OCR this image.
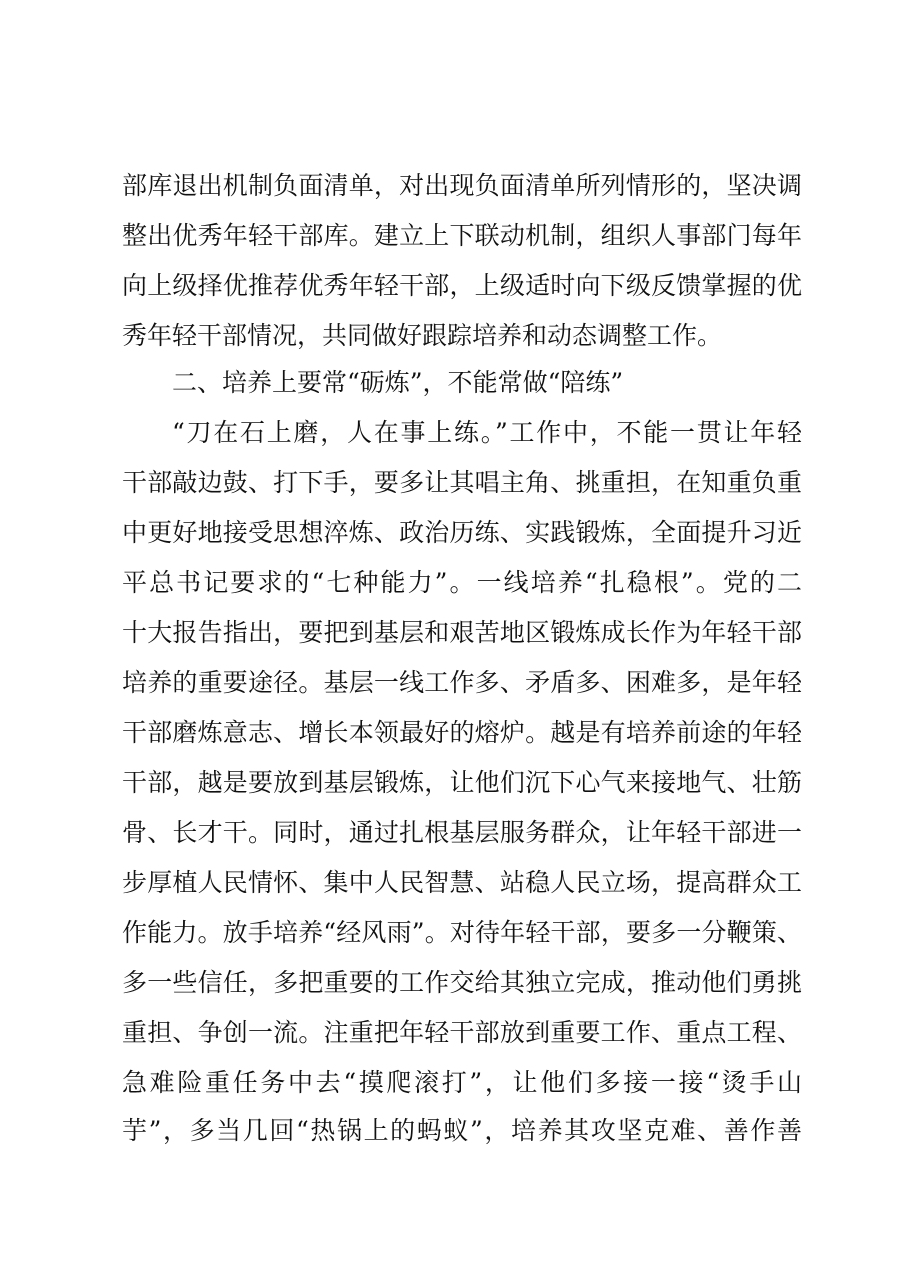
部库退出机制负面清单，对出现负面清单所列情形的，坚决调
整出优秀年轻干部库。建立上下联动机制，组织人事部门每年
向上级择优推荐优秀年轻干部，上级适时向下级反馈掌握的优
秀年轻干部情况，共同做好跟踪培养和动态调整工作。
二、培养上要常“砺炼”，不能常做“陪练”
“刀在石上磨，人在事上练。”工作中，不能一贯让年轻
干部敲边鼓、打下手，要多让其唱主角、挑重担，在知重负重
中更好地接受思想淬炼、政治历练、实践锻炼，全面提升习近
平总书记要求的“七种能力”。一线培养“扎稳根”。党的二
十大报告指出，要把到基层和艰苦地区锻炼成长作为年轻干部
培养的重要途径。基层一线工作多、矛盾多、困难多，是年轻
干部磨炼意志、增长本领最好的熔炉。越是有培养前途的年轻
干部，越是要放到基层锻炼，让他们沉下心气来接地气、壮筋
骨、长才干。同时，通过扎根基层服务群众，让年轻干部进一
步厚植人民情怀、集中人民智慧、站稳人民立场，提高群众工
作能力。放手培养“经风雨”。对待年轻干部，要多一分鞭策、
多一些信任，多把重要的工作交给其独立完成，推动他们勇挑
重担、争创一流。注重把年轻干部放到重要工作、重点工程、
急难险重任务中去“摸爬滚打”，让他们多接一接“烫手山
芋”，多当几回“热锅上的蚂蚁”，培养其攻坚克难、善作善
